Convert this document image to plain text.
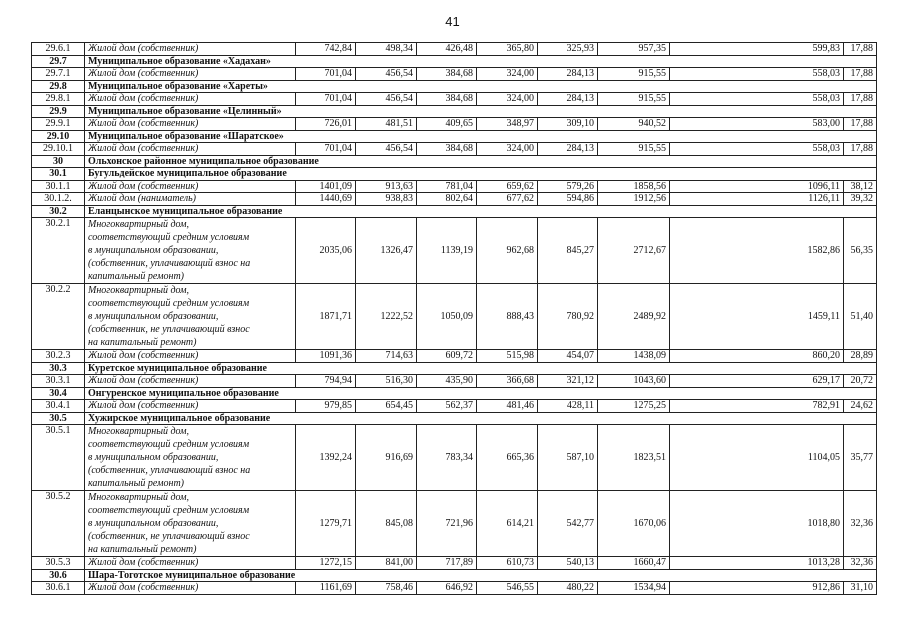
41
29.6.1	Жилой дом (собственник)	742,84	498,34	426,48	365,80	325,93	957,35	599,83	17,88
29.7	Муниципальное образование «Хадахан»								
29.7.1	Жилой дом (собственник)	701,04	456,54	384,68	324,00	284,13	915,55	558,03	17,88
29.8	Муниципальное образование «Хареты»								
29.8.1	Жилой дом (собственник)	701,04	456,54	384,68	324,00	284,13	915,55	558,03	17,88
29.9	Муниципальное образование «Целинный»								
29.9.1	Жилой дом (собственник)	726,01	481,51	409,65	348,97	309,10	940,52	583,00	17,88
29.10	Муниципальное образование «Шаратское»								
29.10.1	Жилой дом (собственник)	701,04	456,54	384,68	324,00	284,13	915,55	558,03	17,88
30	Ольхонское районное муниципальное образование								
30.1	Бугульдейское муниципальное образование								
30.1.1	Жилой дом (собственник)	1401,09	913,63	781,04	659,62	579,26	1858,56	1096,11	38,12
30.1.2.	Жилой дом (наниматель)	1440,69	938,83	802,64	677,62	594,86	1912,56	1126,11	39,32
30.2	Еланцынское муниципальное образование								
30.2.1	Многоквартирный дом,
соответствующий средним условиям
в муниципальном образовании,
(собственник, уплачивающий взнос на
капитальный ремонт)	2035,06	1326,47	1139,19	962,68	845,27	2712,67	1582,86	56,35
30.2.2	Многоквартирный дом,
соответствующий средним условиям
в муниципальном образовании,
(собственник, не уплачивающий взнос
на капитальный ремонт)	1871,71	1222,52	1050,09	888,43	780,92	2489,92	1459,11	51,40
30.2.3	Жилой дом (собственник)	1091,36	714,63	609,72	515,98	454,07	1438,09	860,20	28,89
30.3	Куретское муниципальное образование								
30.3.1	Жилой дом (собственник)	794,94	516,30	435,90	366,68	321,12	1043,60	629,17	20,72
30.4	Онгуренское муниципальное образование								
30.4.1	Жилой дом (собственник)	979,85	654,45	562,37	481,46	428,11	1275,25	782,91	24,62
30.5	Хужирское муниципальное образование								
30.5.1	Многоквартирный дом,
соответствующий средним условиям
в муниципальном образовании,
(собственник, уплачивающий взнос на
капитальный ремонт)	1392,24	916,69	783,34	665,36	587,10	1823,51	1104,05	35,77
30.5.2	Многоквартирный дом,
соответствующий средним условиям
в муниципальном образовании,
(собственник, не уплачивающий взнос
на капитальный ремонт)	1279,71	845,08	721,96	614,21	542,77	1670,06	1018,80	32,36
30.5.3	Жилой дом (собственник)	1272,15	841,00	717,89	610,73	540,13	1660,47	1013,28	32,36
30.6	Шара-Тоготское муниципальное образование								
30.6.1	Жилой дом (собственник)	1161,69	758,46	646,92	546,55	480,22	1534,94	912,86	31,10
